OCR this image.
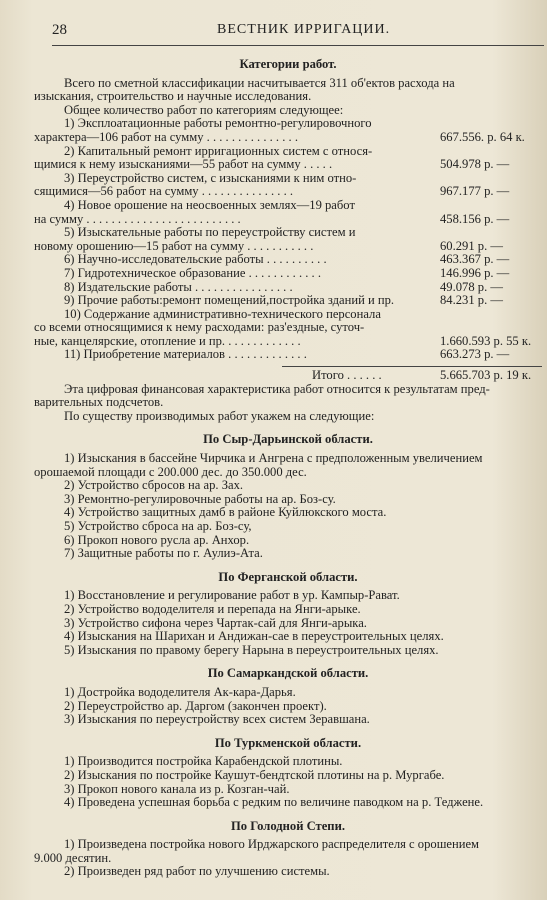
28	ВЕСТНИК ИРРИГАЦИИ.
Категории работ.
Всего по сметной классификации насчитывается 311 об'ектов расхода на
изыскания, строительство и научные исследования.
Общее количество работ по категориям следующее:
1) Эксплоатационные работы ремонтно-регулировочного
характера—106 работ на сумму . . . . . . . . . . . . . . .	667.556. р. 64 к.
2) Капитальный ремонт ирригационных систем с относя-
щимися к нему изысканиями—55 работ на сумму . . . . .	504.978 р. —
3) Переустройство систем, с изысканиями к ним отно-
сящимися—56 работ на сумму . . . . . . . . . . . . . . .	967.177 р. —
4) Новое орошение на неосвоенных землях—19 работ
на сумму . . . . . . . . . . . . . . . . . . . . . . . . .	458.156 р. —
5) Изыскательные работы по переустройству систем и
новому орошению—15 работ на сумму . . . . . . . . . . .	60.291 р. —
6) Научно-исследовательские работы . . . . . . . . . .	463.367 р. —
7) Гидротехническое образование . . . . . . . . . . . .	146.996 р. —
8) Издательские работы . . . . . . . . . . . . . . . .	49.078 р. —
9) Прочие работы:ремонт помещений,постройка зданий и пр.	84.231 р. —
10) Содержание административно-технического персонала
со всеми относящимися к нему расходами: раз'ездные, суточ-
ные, канцелярские, отопление и пр. . . . . . . . . . . . .	1.660.593 р. 55 к.
11) Приобретение материалов . . . . . . . . . . . . .	663.273 р. —
Итого . . . . . .	5.665.703 р. 19 к.
Эта цифровая финансовая характеристика работ относится к результатам пред-
варительных подсчетов.
По существу производимых работ укажем на следующие:
По Сыр-Дарьинской области.
1) Изыскания в бассейне Чирчика и Ангрена с предположенным увеличением
орошаемой площади с 200.000 дес. до 350.000 дес.
2) Устройство сбросов на ар. Зах.
3) Ремонтно-регулировочные работы на ар. Боз-су.
4) Устройство защитных дамб в районе Куйлюкского моста.
5) Устройство сброса на ар. Боз-су,
6) Прокоп нового русла ар. Анхор.
7) Защитные работы по г. Аулиэ-Ата.
По Ферганской области.
1) Восстановление и регулирование работ в ур. Кампыр-Рават.
2) Устройство вододелителя и перепада на Янги-арыке.
3) Устройство сифона через Чартак-сай для Янги-арыка.
4) Изыскания на Шарихан и Андижан-сае в переустроительных целях.
5) Изыскания по правому берегу Нарына в переустроительных целях.
По Самаркандской области.
1) Достройка вододелителя Ак-кара-Дарья.
2) Переустройство ар. Даргом (закончен проект).
3) Изыскания по переустройству всех систем Зеравшана.
По Туркменской области.
1) Производится постройка Карабендской плотины.
2) Изыскания по постройке Каушут-бендтской плотины на р. Мургабе.
3) Прокоп нового канала из р. Козган-чай.
4) Проведена успешная борьба с редким по величине паводком на р. Теджене.
По Голодной Степи.
1) Произведена постройка нового Ирджарского распределителя с орошением
9.000 десятин.
2) Произведен ряд работ по улучшению системы.
